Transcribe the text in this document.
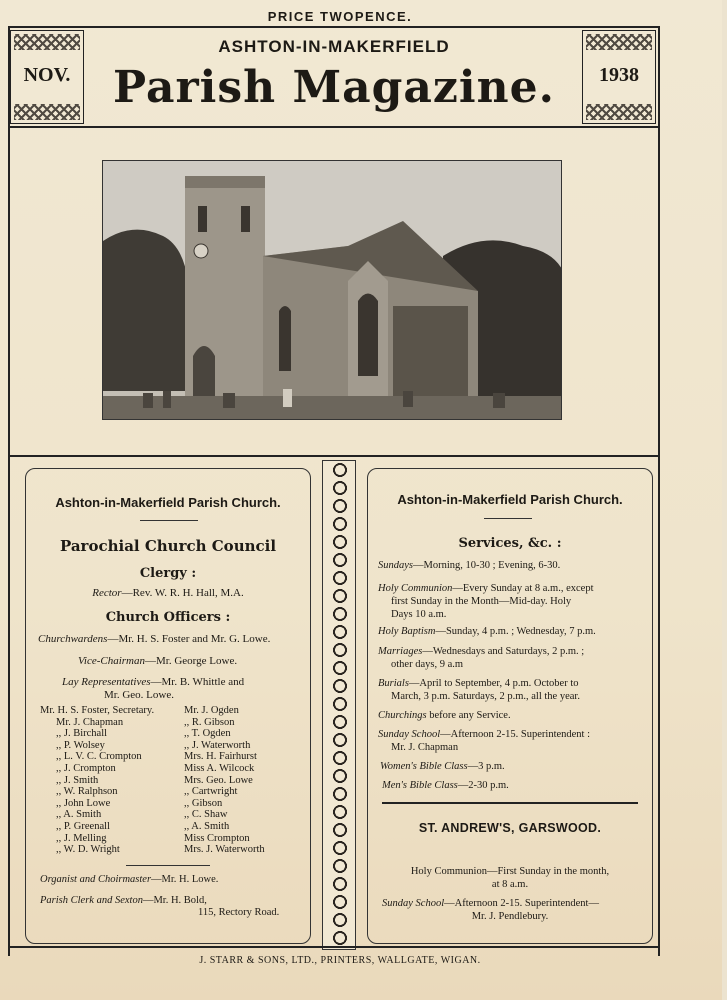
PRICE TWOPENCE.
NOV.	1938
ASHTON-IN-MAKERFIELD
Parish Magazine.
Ashton-in-Makerfield Parish Church.
Parochial Church Council
Clergy :
Rector—Rev. W. R. H. Hall, M.A.
Church Officers :
Churchwardens—Mr. H. S. Foster and Mr. G. Lowe.
Vice-Chairman—Mr. George Lowe.
Lay Representatives—Mr. B. Whittle and
Mr. Geo. Lowe.
Mr. H. S. Foster, Secretary.
Mr. J. Chapman
,, J. Birchall
,, P. Wolsey
,, L. V. C. Crompton
,, J. Crompton
,, J. Smith
,, W. Ralphson
,, John Lowe
,, A. Smith
,, P. Greenall
,, J. Melling
,, W. D. Wright
Mr. J. Ogden
,, R. Gibson
,, T. Ogden
,, J. Waterworth
Mrs. H. Fairhurst
Miss A. Wilcock
Mrs. Geo. Lowe
,, Cartwright
,, Gibson
,, C. Shaw
,, A. Smith
Miss Crompton
Mrs. J. Waterworth
Organist and Choirmaster—Mr. H. Lowe.
Parish Clerk and Sexton—Mr. H. Bold,
115, Rectory Road.
Ashton-in-Makerfield Parish Church.
Services, &c. :
Sundays—Morning, 10-30 ; Evening, 6-30.
Holy Communion—Every Sunday at 8 a.m., except
first Sunday in the Month—Mid-day. Holy
Days 10 a.m.
Holy Baptism—Sunday, 4 p.m. ; Wednesday, 7 p.m.
Marriages—Wednesdays and Saturdays, 2 p.m. ;
other days, 9 a.m
Burials—April to September, 4 p.m. October to
March, 3 p.m. Saturdays, 2 p.m., all the year.
Churchings before any Service.
Sunday School—Afternoon 2-15. Superintendent :
Mr. J. Chapman
Women's Bible Class—3 p.m.
Men's Bible Class—2-30 p.m.
ST. ANDREW'S, GARSWOOD.
Holy Communion—First Sunday in the month,
at 8 a.m.
Sunday School—Afternoon 2-15. Superintendent—
Mr. J. Pendlebury.
J. STARR & SONS, LTD., PRINTERS, WALLGATE, WIGAN.
